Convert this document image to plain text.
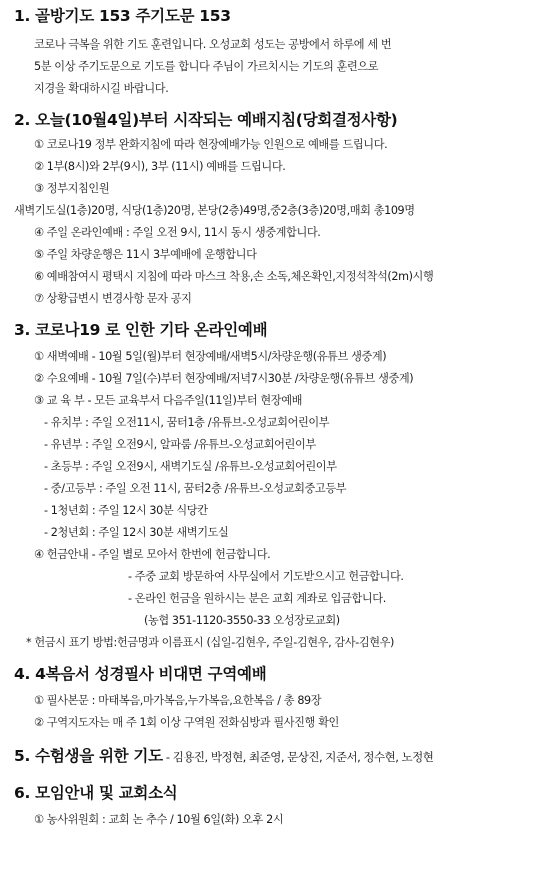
1. 골방기도 153 주기도문 153
코로나 극복을 위한 기도 훈련입니다. 오성교회 성도는 공방에서 하루에 세 번
5분 이상 주기도문으로 기도를 합니다 주님이 가르치시는 기도의 훈련으로
지경을 확대하시길 바랍니다.
2. 오늘(10월4일)부터 시작되는 예배지침(당회결정사항)
① 코로나19 정부 완화지침에 따라 현장예배가능 인원으로 예배를 드립니다.
② 1부(8시)와 2부(9시), 3부 (11시) 예배를 드립니다.
③ 정부지침인원
새벽기도실(1층)20명, 식당(1층)20명, 본당(2층)49명,중2층(3층)20명,매회 총109명
④ 주일 온라인예배 : 주일 오전 9시, 11시 동시 생중계합니다.
⑤ 주일 차량운행은 11시 3부예배에 운행합니다
⑥ 예배참여시 평택시 지침에 따라 마스크 착용,손 소독,체온확인,지정석착석(2m)시행
⑦ 상황급변시 변경사항 문자 공지
3. 코로나19 로 인한 기타 온라인예배
① 새벽예배 - 10월 5일(월)부터 현장예배/새벽5시/차량운행(유튜브 생중계)
② 수요예배 - 10월 7일(수)부터 현장예배/저녁7시30분 /차량운행(유튜브 생중계)
③ 교 육 부 - 모든 교육부서 다음주일(11일)부터 현장예배
- 유치부 : 주일 오전11시, 꿈터1층 /유튜브-오성교회어린이부
- 유년부 : 주일 오전9시, 알파룸 /유튜브-오성교회어린이부
- 초등부 : 주일 오전9시, 새벽기도실 /유튜브-오성교회어린이부
- 중/고등부 : 주일 오전 11시, 꿈터2층 /유튜브-오성교회중고등부
- 1청년회 : 주일 12시 30분 식당칸
- 2청년회 : 주일 12시 30분 새벽기도실
④ 헌금안내 - 주일 별로 모아서 한번에 헌금합니다.
- 주중 교회 방문하여 사무실에서 기도받으시고 헌금합니다.
- 온라인 헌금을 원하시는 분은 교회 계좌로 입금합니다.
(농협 351-1120-3550-33 오성장로교회)
* 헌금시 표기 방법:헌금명과 이름표시 (십일-김현우, 주일-김현우, 감사-김현우)
4. 4복음서 성경필사 비대면 구역예배
① 필사본문 : 마태복음,마가복음,누가복음,요한복음 / 총 89장
② 구역지도자는 매 주 1회 이상 구역원 전화심방과 필사진행 확인
5. 수험생을 위한 기도 - 김용진, 박정현, 최준영, 문상진, 지준서, 정수현, 노정현
6. 모임안내 및 교회소식
① 농사위원회 : 교회 논 추수 / 10월 6일(화) 오후 2시
